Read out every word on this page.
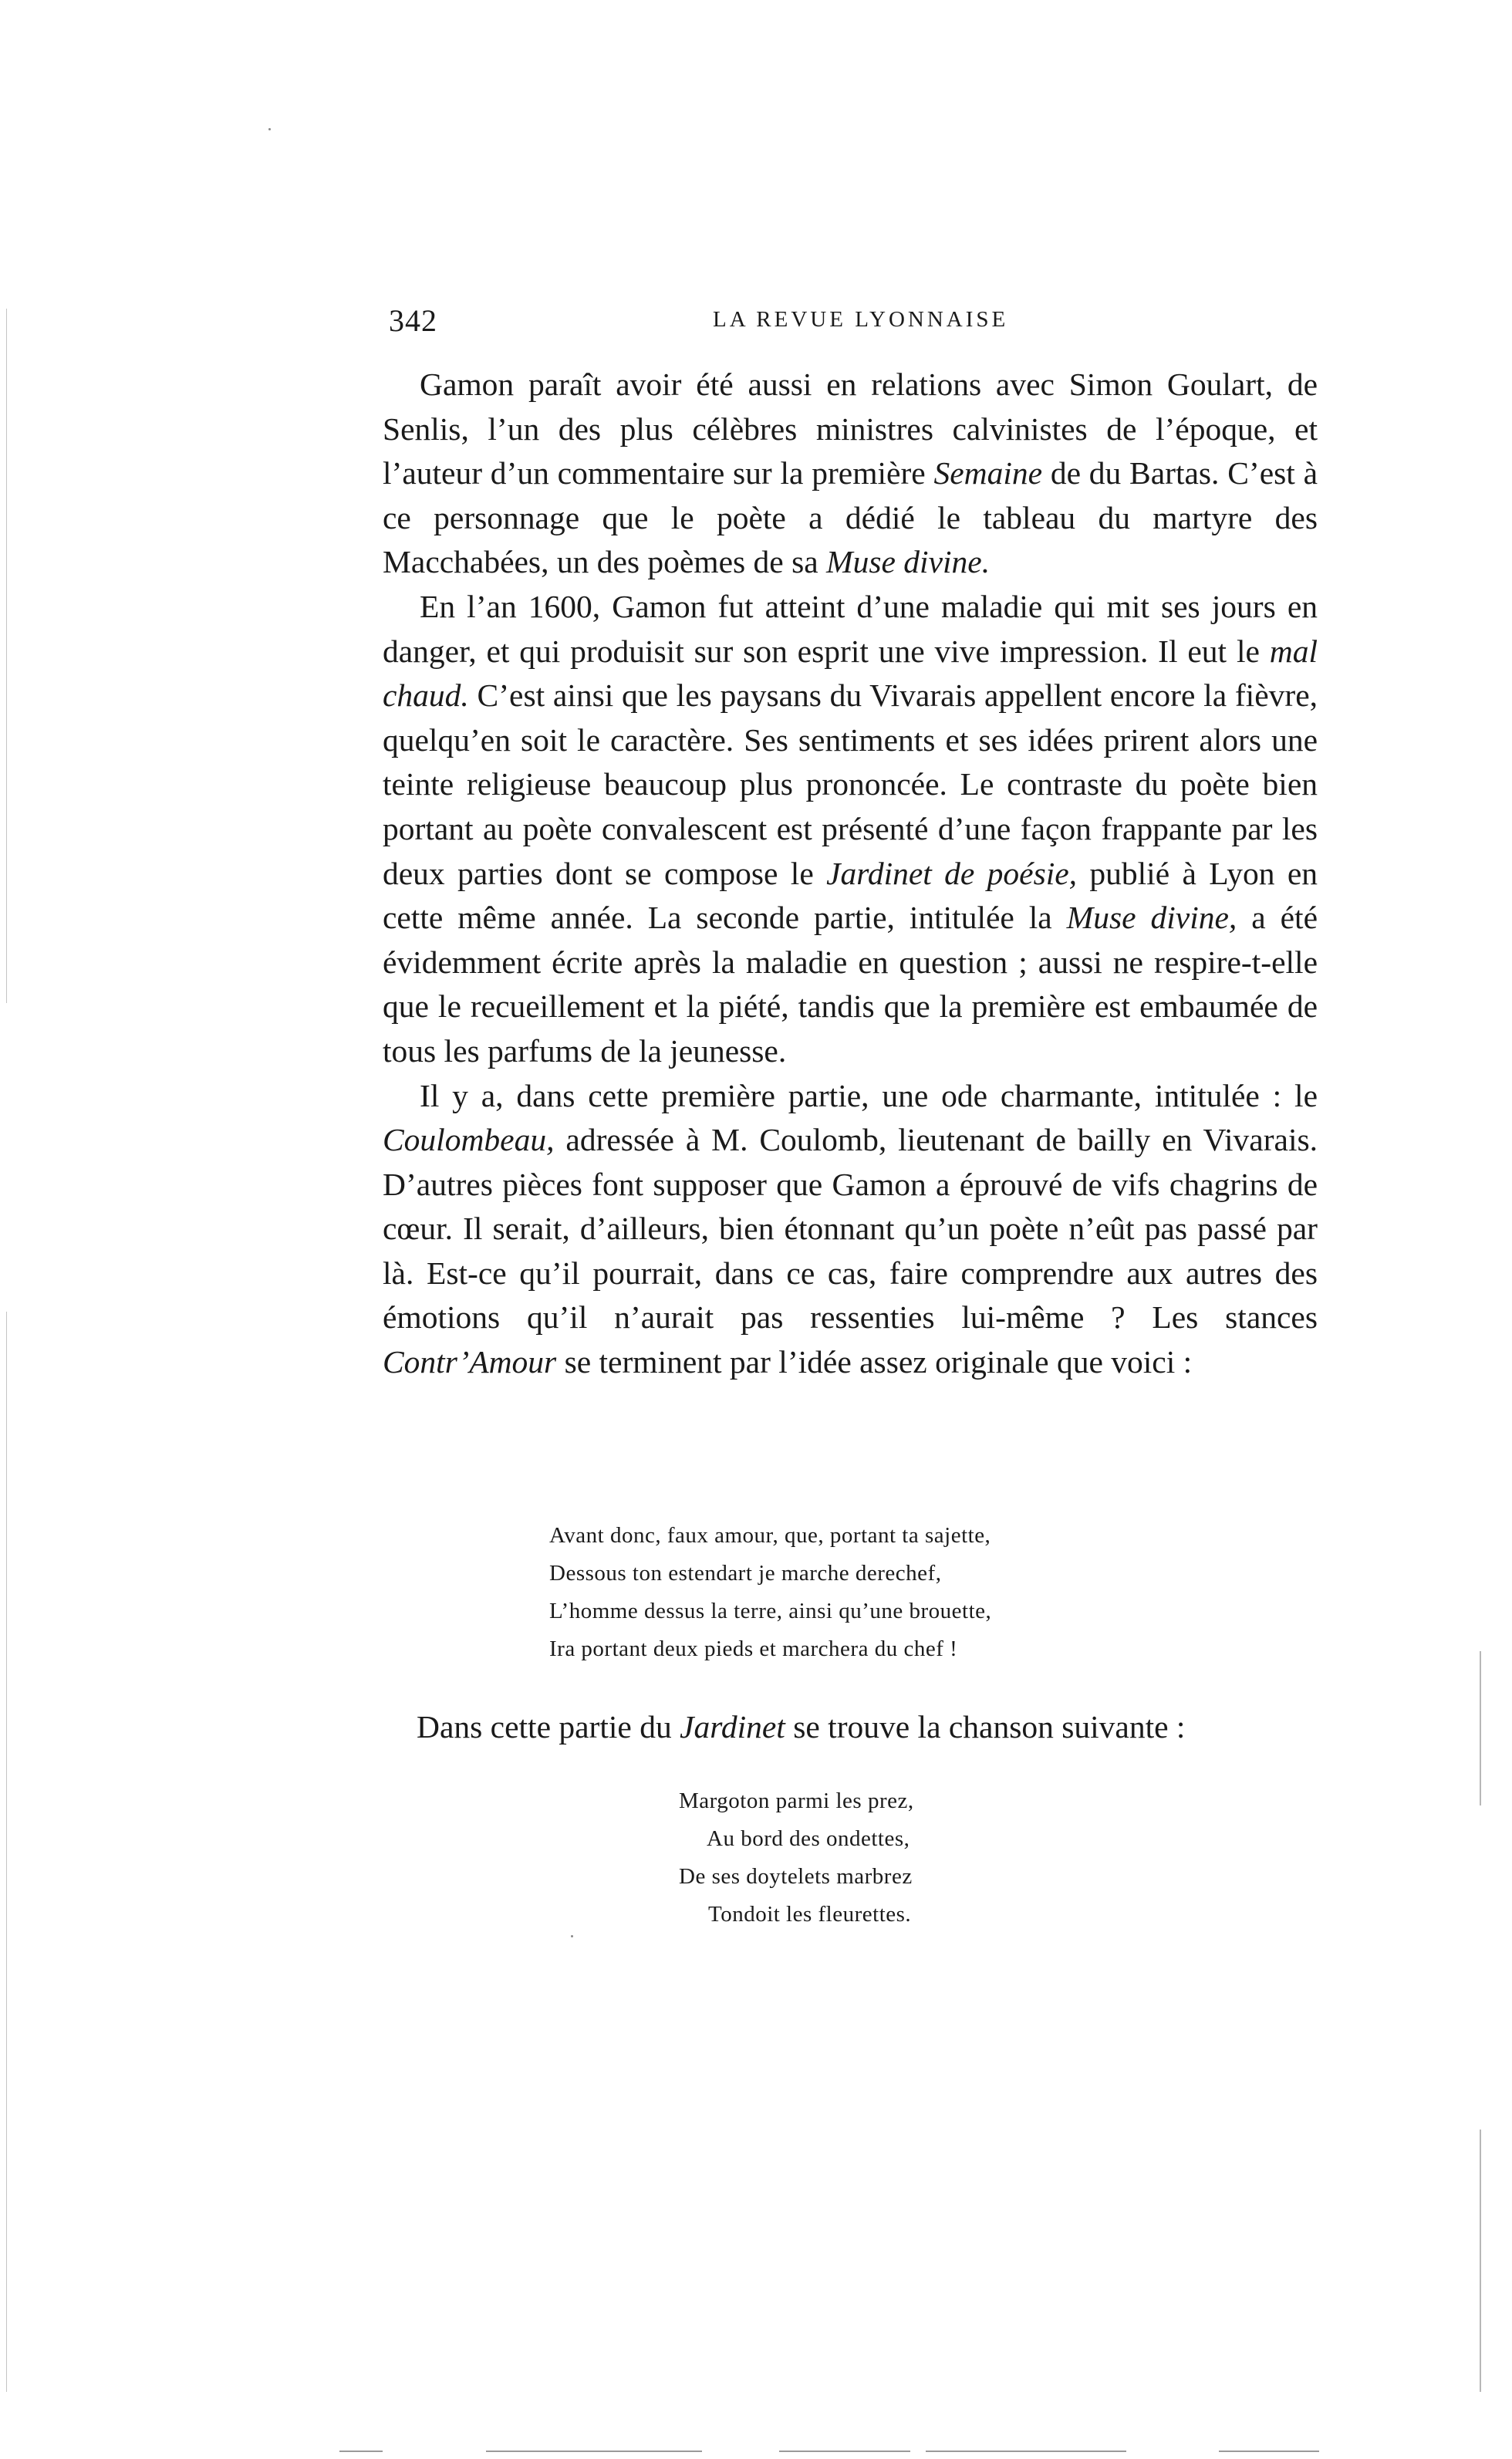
342	LA REVUE LYONNAISE

Gamon paraît avoir été aussi en relations avec Simon Goulart, de Senlis, l’un des plus célèbres ministres calvinistes de l’époque, et l’auteur d’un commentaire sur la première Semaine de du Bartas. C’est à ce personnage que le poète a dédié le tableau du martyre des Macchabées, un des poèmes de sa Muse divine.

En l’an 1600, Gamon fut atteint d’une maladie qui mit ses jours en danger, et qui produisit sur son esprit une vive impression. Il eut le mal chaud. C’est ainsi que les paysans du Vivarais appellent encore la fièvre, quelqu’en soit le caractère. Ses sentiments et ses idées prirent alors une teinte religieuse beaucoup plus prononcée. Le contraste du poète bien portant au poète convalescent est présenté d’une façon frappante par les deux parties dont se compose le Jardinet de poésie, publié à Lyon en cette même année. La seconde partie, intitulée la Muse divine, a été évidemment écrite après la maladie en question ; aussi ne respire-t-elle que le recueillement et la piété, tandis que la première est embaumée de tous les parfums de la jeunesse.

Il y a, dans cette première partie, une ode charmante, intitulée : le Coulombeau, adressée à M. Coulomb, lieutenant de bailly en Vivarais. D’autres pièces font supposer que Gamon a éprouvé de vifs chagrins de cœur. Il serait, d’ailleurs, bien étonnant qu’un poète n’eût pas passé par là. Est-ce qu’il pourrait, dans ce cas, faire comprendre aux autres des émotions qu’il n’aurait pas ressenties lui-même ? Les stances Contr’Amour se terminent par l’idée assez originale que voici :

Avant donc, faux amour, que, portant ta sajette,
Dessous ton estendart je marche derechef,
L’homme dessus la terre, ainsi qu’une brouette,
Ira portant deux pieds et marchera du chef !
Dans cette partie du Jardinet se trouve la chanson suivante :
Margoton parmi les prez,
Au bord des ondettes,
De ses doytelets marbrez
Tondoit les fleurettes.
